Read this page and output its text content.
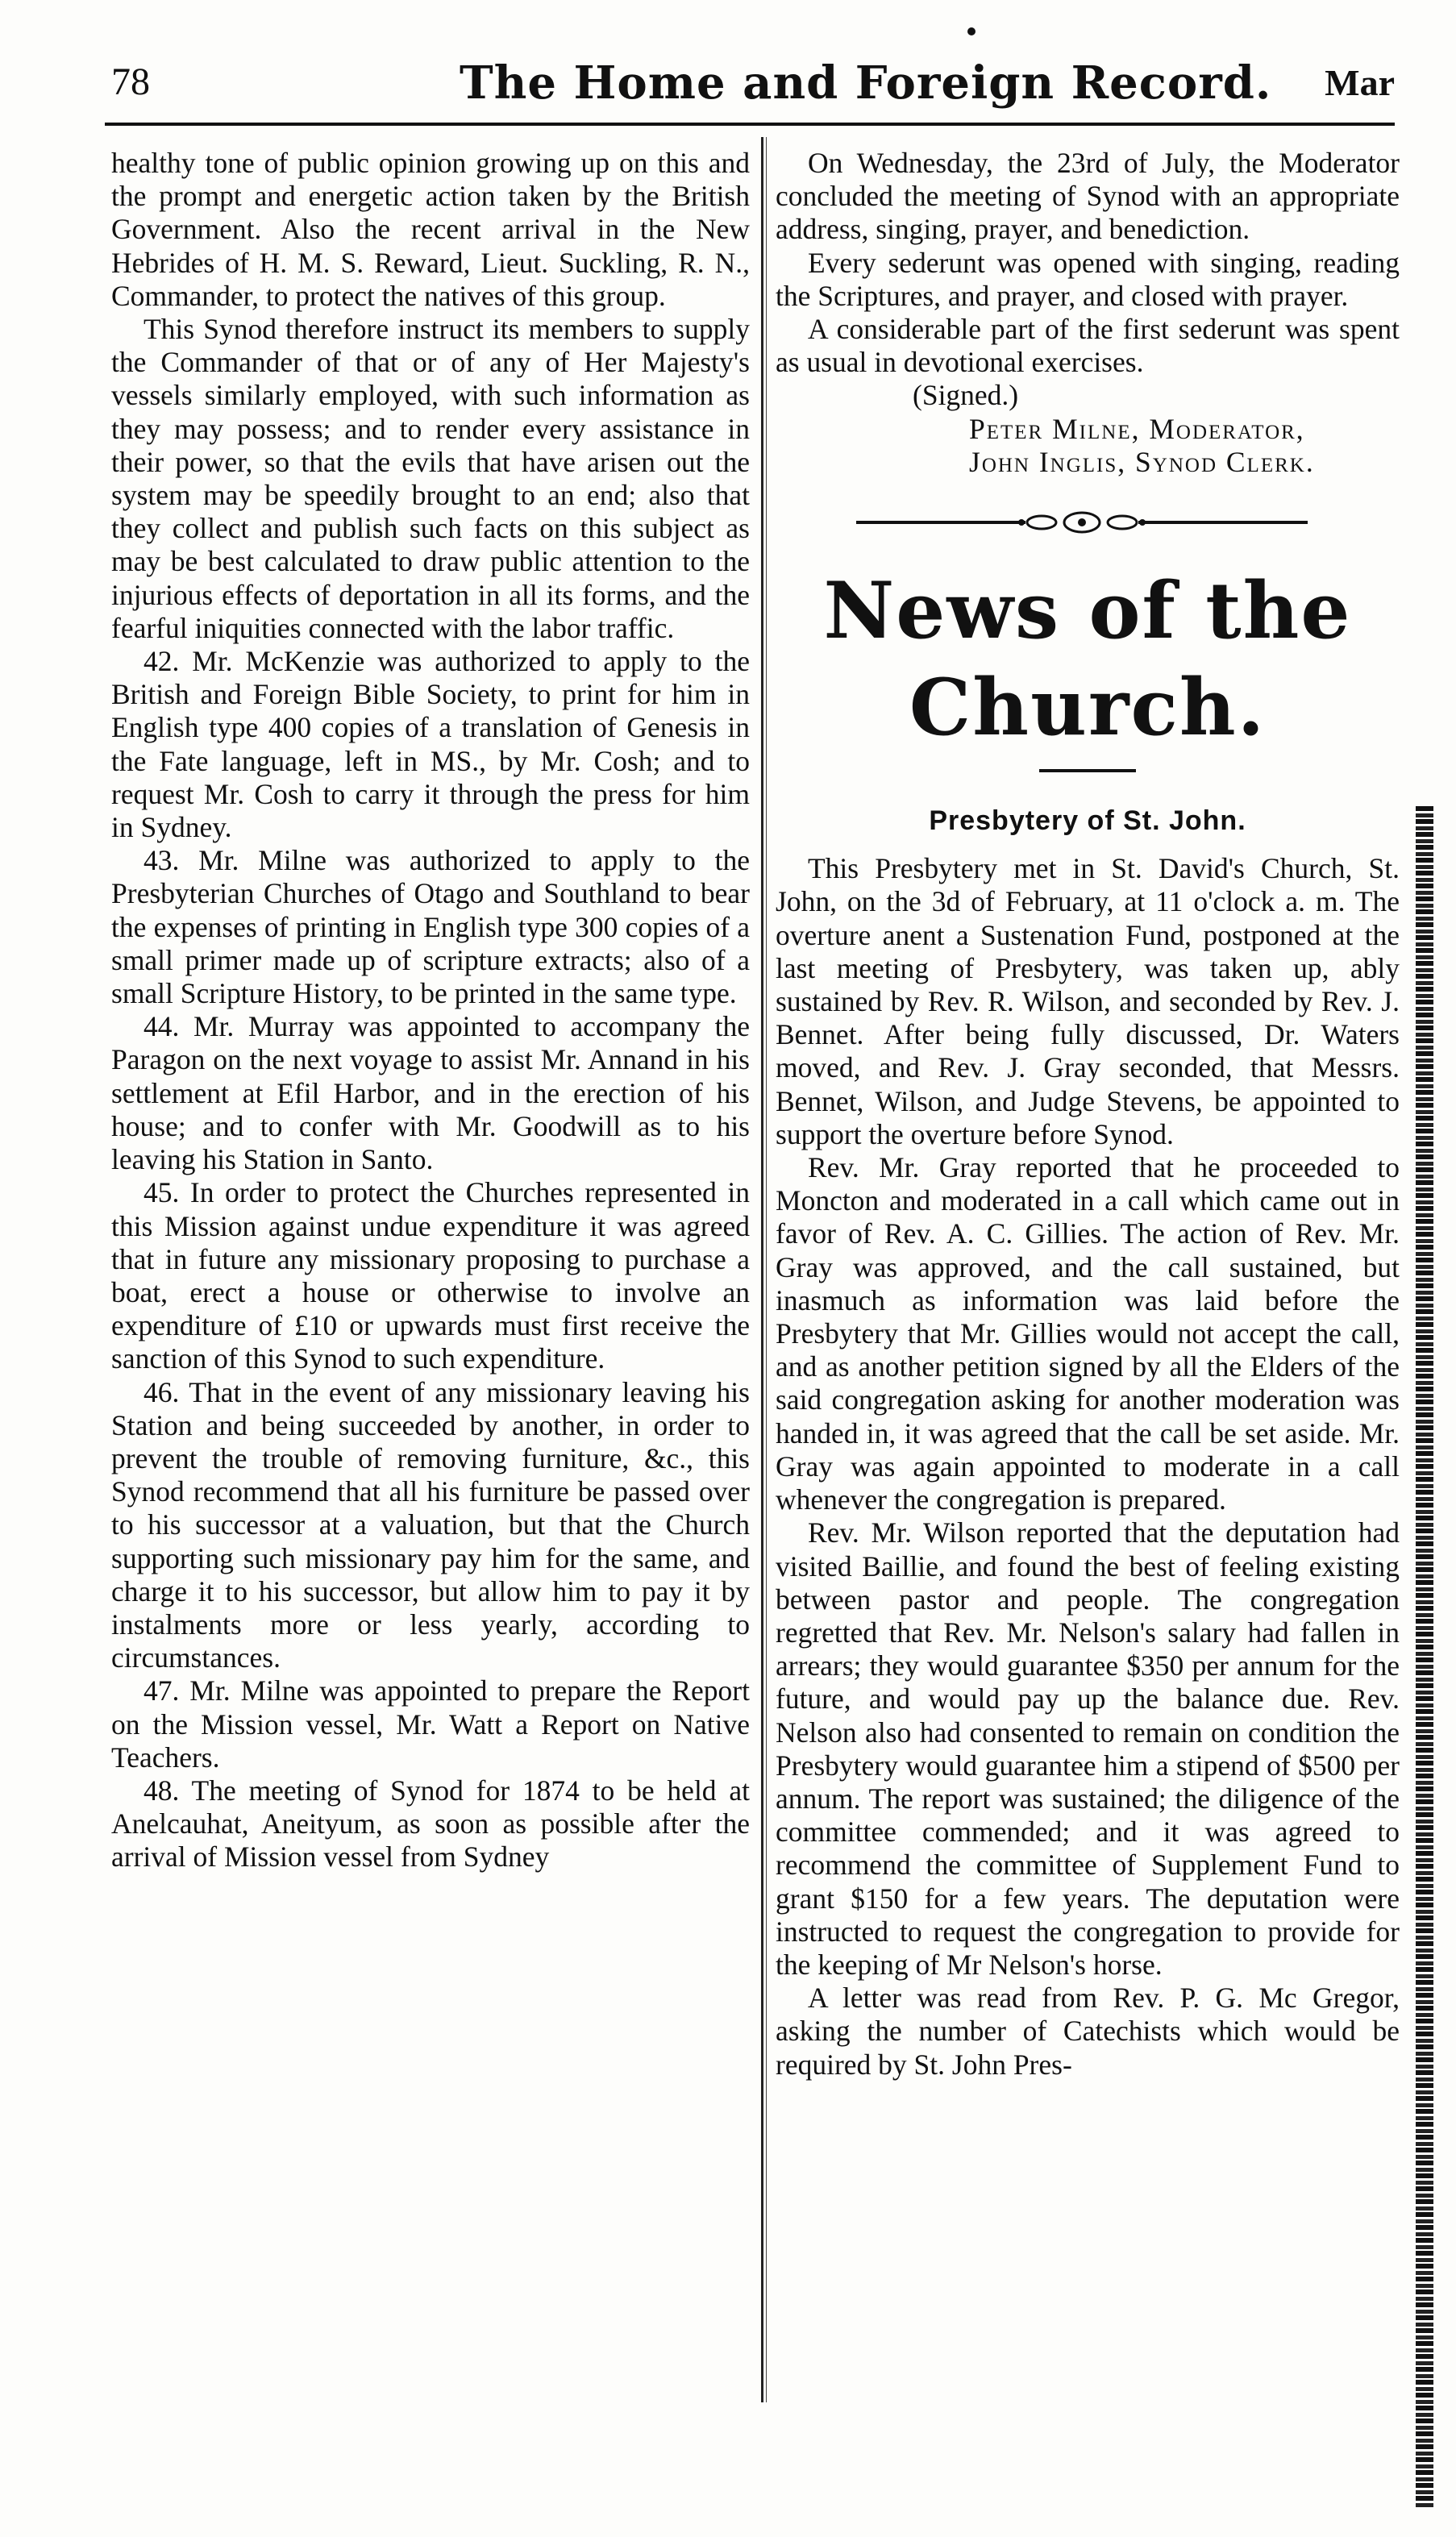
78	The Home and Foreign Record. Mar

healthy tone of public opinion growing up on this and the prompt and energetic action taken by the British Government. Also the recent arrival in the New Hebrides of H. M. S. Reward, Lieut. Suckling, R. N., Commander, to protect the natives of this group.

This Synod therefore instruct its members to supply the Commander of that or of any of Her Majesty's vessels similarly employed, with such information as they may possess; and to render every assistance in their power, so that the evils that have arisen out the system may be speedily brought to an end; also that they collect and publish such facts on this subject as may be best calculated to draw public attention to the injurious effects of deportation in all its forms, and the fearful iniquities connected with the labor traffic.

42. Mr. McKenzie was authorized to apply to the British and Foreign Bible Society, to print for him in English type 400 copies of a translation of Genesis in the Fate language, left in MS., by Mr. Cosh; and to request Mr. Cosh to carry it through the press for him in Sydney.

43. Mr. Milne was authorized to apply to the Presbyterian Churches of Otago and Southland to bear the expenses of printing in English type 300 copies of a small primer made up of scripture extracts; also of a small Scripture History, to be printed in the same type.

44. Mr. Murray was appointed to accompany the Paragon on the next voyage to assist Mr. Annand in his settlement at Efil Harbor, and in the erection of his house; and to confer with Mr. Goodwill as to his leaving his Station in Santo.

45. In order to protect the Churches represented in this Mission against undue expenditure it was agreed that in future any missionary proposing to purchase a boat, erect a house or otherwise to involve an expenditure of £10 or upwards must first receive the sanction of this Synod to such expenditure.

46. That in the event of any missionary leaving his Station and being succeeded by another, in order to prevent the trouble of removing furniture, &c., this Synod recommend that all his furniture be passed over to his successor at a valuation, but that the Church supporting such missionary pay him for the same, and charge it to his successor, but allow him to pay it by instalments more or less yearly, according to circumstances.

47. Mr. Milne was appointed to prepare the Report on the Mission vessel, Mr. Watt a Report on Native Teachers.

48. The meeting of Synod for 1874 to be held at Anelcauhat, Aneityum, as soon as possible after the arrival of Mission vessel from Sydney

On Wednesday, the 23rd of July, the Moderator concluded the meeting of Synod with an appropriate address, singing, prayer, and benediction.

Every sederunt was opened with singing, reading the Scriptures, and prayer, and closed with prayer.

A considerable part of the first sederunt was spent as usual in devotional exercises.

(Signed.)

Peter Milne, Moderator,

John Inglis, Synod Clerk.

News of the Church.
Presbytery of St. John.

This Presbytery met in St. David's Church, St. John, on the 3d of February, at 11 o'clock a. m. The overture anent a Sustenation Fund, postponed at the last meeting of Presbytery, was taken up, ably sustained by Rev. R. Wilson, and seconded by Rev. J. Bennet. After being fully discussed, Dr. Waters moved, and Rev. J. Gray seconded, that Messrs. Bennet, Wilson, and Judge Stevens, be appointed to support the overture before Synod.

Rev. Mr. Gray reported that he proceeded to Moncton and moderated in a call which came out in favor of Rev. A. C. Gillies. The action of Rev. Mr. Gray was approved, and the call sustained, but inasmuch as information was laid before the Presbytery that Mr. Gillies would not accept the call, and as another petition signed by all the Elders of the said congregation asking for another moderation was handed in, it was agreed that the call be set aside. Mr. Gray was again appointed to moderate in a call whenever the congregation is prepared.

Rev. Mr. Wilson reported that the deputation had visited Baillie, and found the best of feeling existing between pastor and people. The congregation regretted that Rev. Mr. Nelson's salary had fallen in arrears; they would guarantee $350 per annum for the future, and would pay up the balance due. Rev. Nelson also had consented to remain on condition the Presbytery would guarantee him a stipend of $500 per annum. The report was sustained; the diligence of the committee commended; and it was agreed to recommend the committee of Supplement Fund to grant $150 for a few years. The deputation were instructed to request the congregation to provide for the keeping of Mr Nelson's horse.

A letter was read from Rev. P. G. Mc Gregor, asking the number of Catechists which would be required by St. John Pres-
